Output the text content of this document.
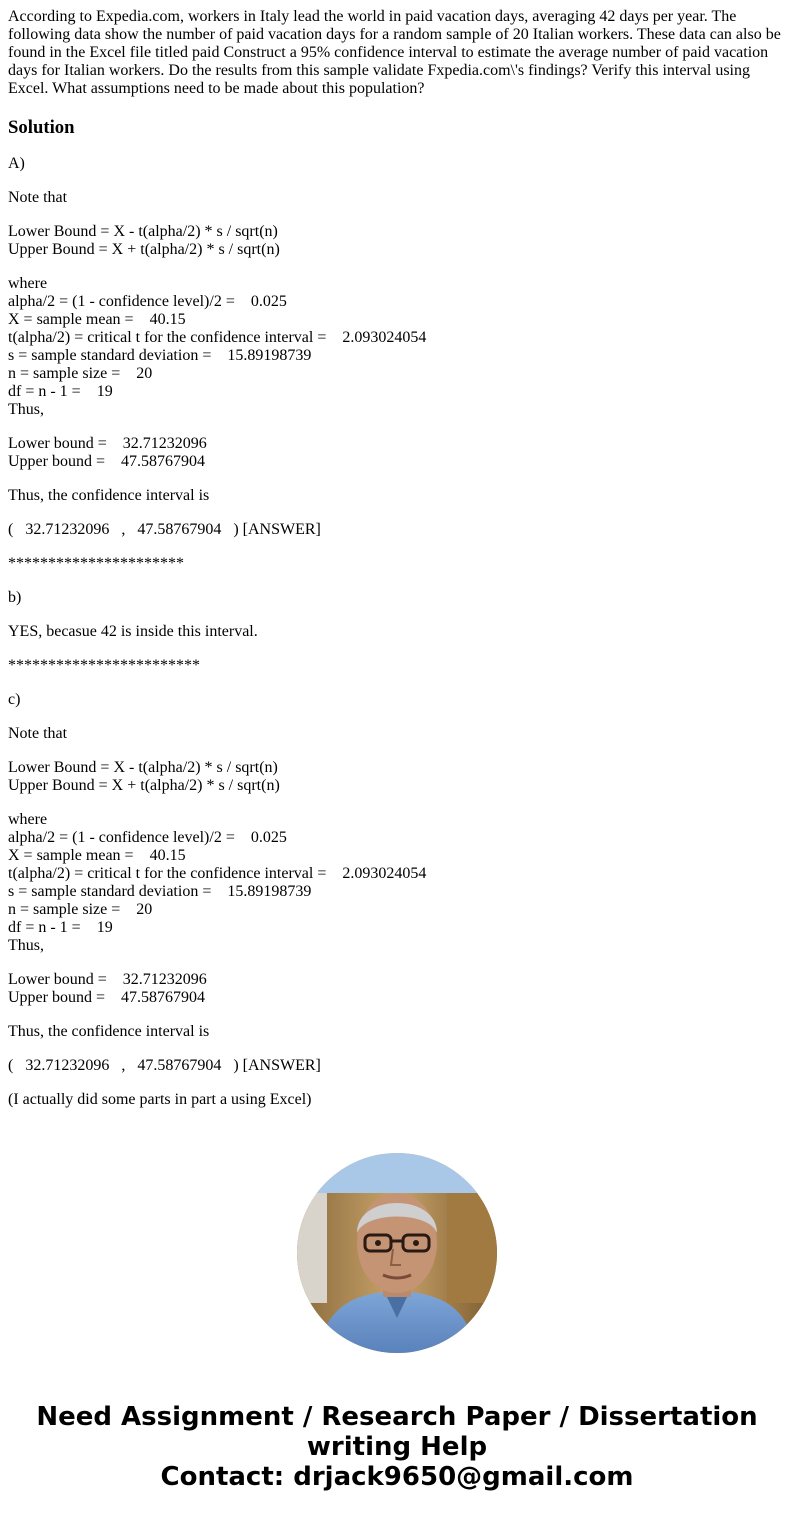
According to Expedia.com, workers in Italy lead the world in paid vacation days, averaging 42 days per year. The following data show the number of paid vacation days for a random sample of 20 Italian workers. These data can also be found in the Excel file titled paid Construct a 95% confidence interval to estimate the average number of paid vacation days for Italian workers. Do the results from this sample validate Fxpedia.com\'s findings? Verify this interval using Excel. What assumptions need to be made about this population?
Solution
A)
Note that
Lower Bound = X - t(alpha/2) * s / sqrt(n)
Upper Bound = X + t(alpha/2) * s / sqrt(n)
where
alpha/2 = (1 - confidence level)/2 =    0.025
X = sample mean =    40.15
t(alpha/2) = critical t for the confidence interval =    2.093024054
s = sample standard deviation =    15.89198739
n = sample size =    20
df = n - 1 =    19
Thus,
Lower bound =    32.71232096
Upper bound =    47.58767904
Thus, the confidence interval is
(   32.71232096   ,   47.58767904   ) [ANSWER]
**********************
b)
YES, becasue 42 is inside this interval.
************************
c)
Note that
Lower Bound = X - t(alpha/2) * s / sqrt(n)
Upper Bound = X + t(alpha/2) * s / sqrt(n)
where
alpha/2 = (1 - confidence level)/2 =    0.025
X = sample mean =    40.15
t(alpha/2) = critical t for the confidence interval =    2.093024054
s = sample standard deviation =    15.89198739
n = sample size =    20
df = n - 1 =    19
Thus,
Lower bound =    32.71232096
Upper bound =    47.58767904
Thus, the confidence interval is
(   32.71232096   ,   47.58767904   ) [ANSWER]
(I actually did some parts in part a using Excel)
Need Assignment / Research Paper / Dissertation
writing Help
Contact: drjack9650@gmail.com
